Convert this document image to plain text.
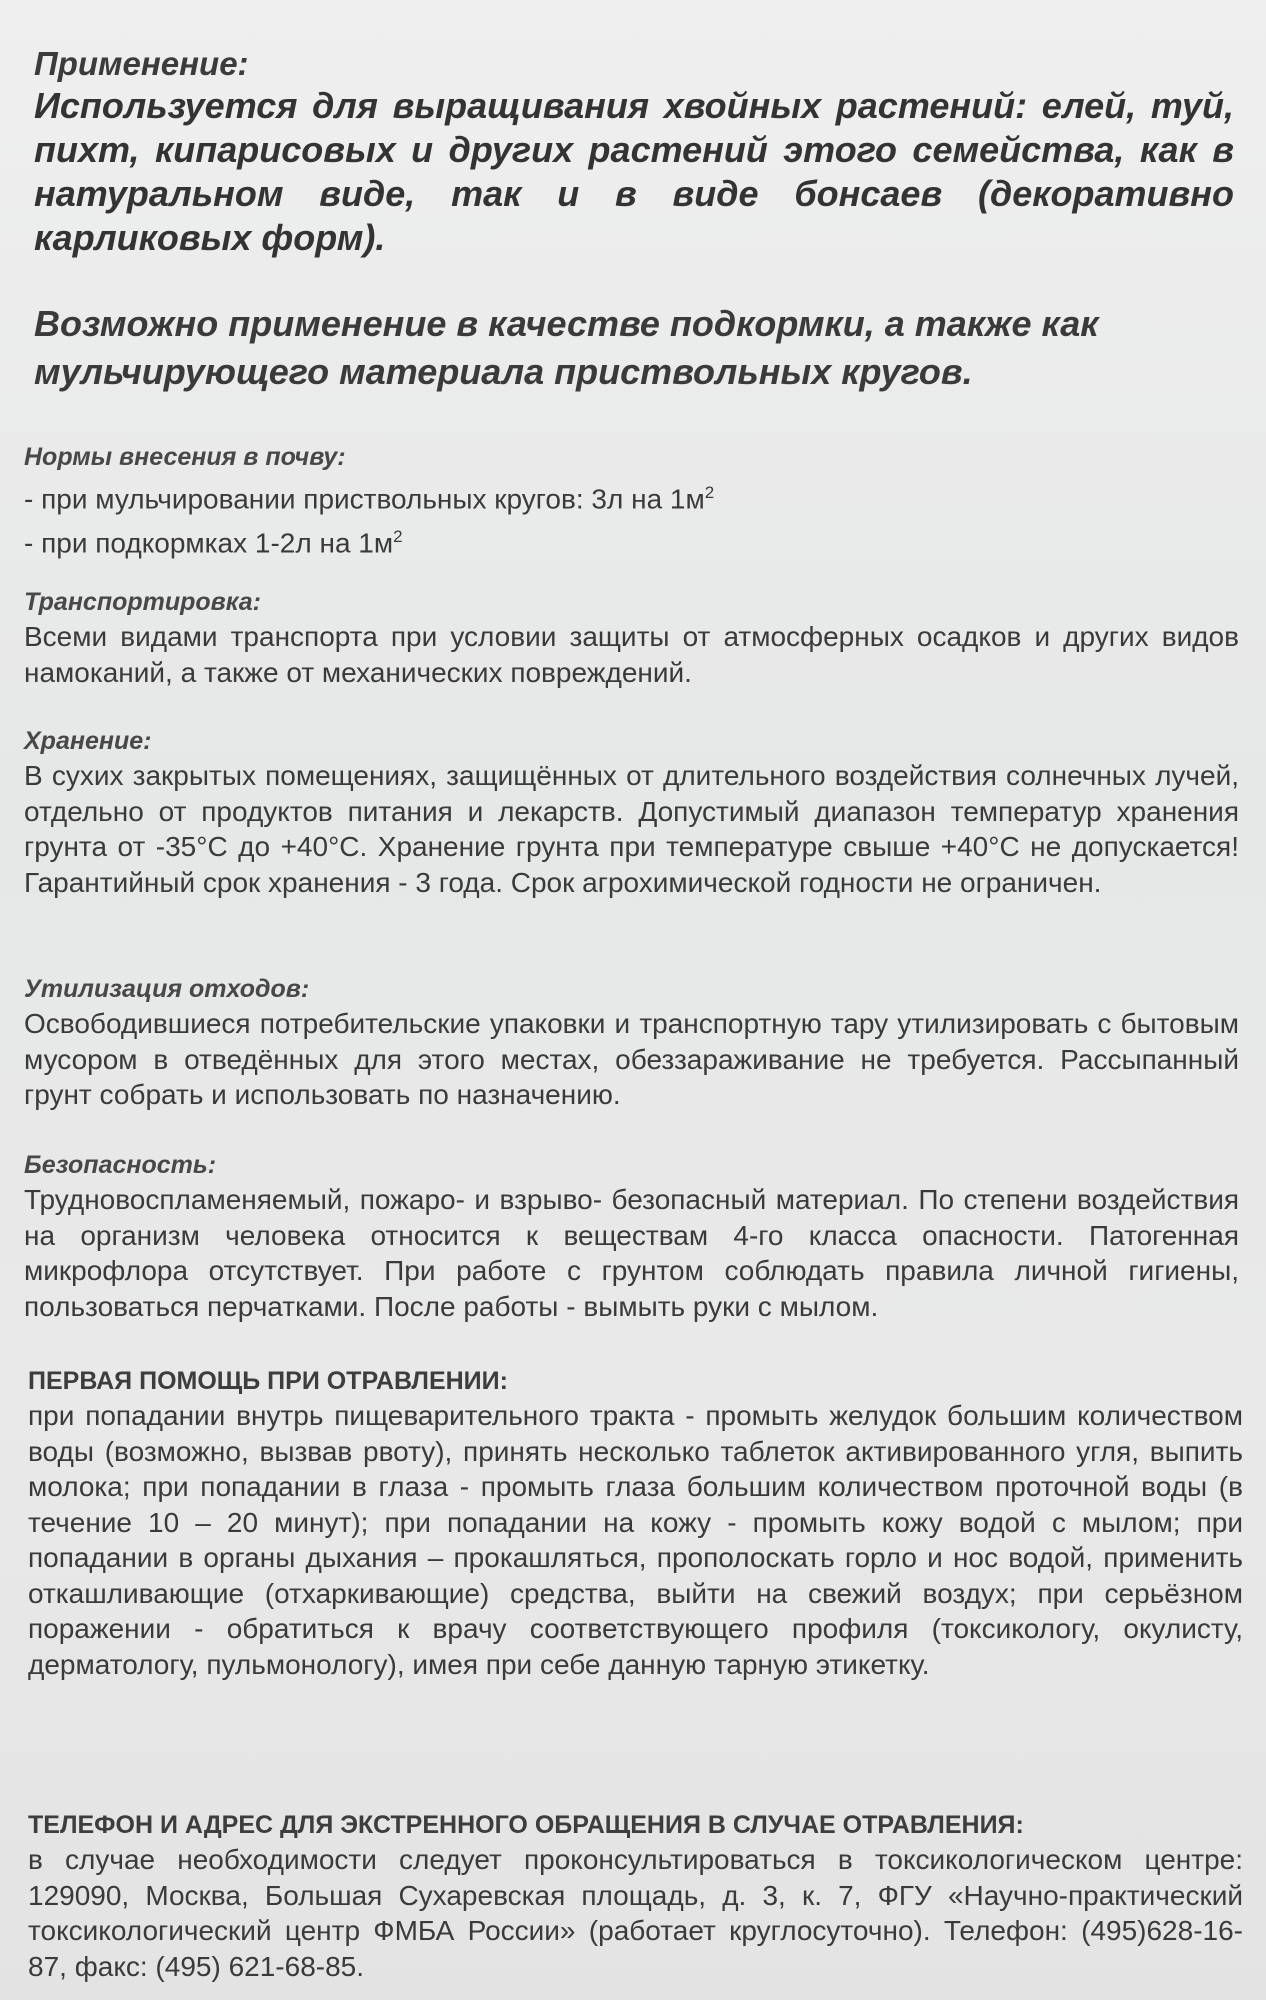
Применение:

Используется для выращивания хвойных растений: елей, туй, пихт, кипарисовых и других растений этого семейства, как в натуральном виде, так и в виде бонсаев (декоративно карликовых форм).

Возможно применение в качестве подкормки, а также как мульчирующего материала приствольных кругов.

Нормы внесения в почву:

- при мульчировании приствольных кругов: 3л на $1м^2$

- при подкормках 1-2л на $1м^2$

Транспортировка:

Всеми видами транспорта при условии защиты от атмосферных осадков и других видов намоканий, а также от механических повреждений.

Хранение:

В сухих закрытых помещениях, защищённых от длительного воздействия солнечных лучей, отдельно от продуктов питания и лекарств. Допустимый диапазон температур хранения грунта от -35°С до +40°С. Хранение грунта при температуре свыше +40°С не допускается! Гарантийный срок хранения - 3 года. Срок агрохимической годности не ограничен.

Утилизация отходов:

Освободившиеся потребительские упаковки и транспортную тару утилизировать с бытовым мусором в отведённых для этого местах, обеззараживание не требуется. Рассыпанный грунт собрать и использовать по назначению.

Безопасность:

Трудновоспламеняемый, пожаро- и взрыво- безопасный материал. По степени воздействия на организм человека относится к веществам 4-го класса опасности. Патогенная микрофлора отсутствует. При работе с грунтом соблюдать правила личной гигиены, пользоваться перчатками. После работы - вымыть руки с мылом.

ПЕРВАЯ ПОМОЩЬ ПРИ ОТРАВЛЕНИИ:

при попадании внутрь пищеварительного тракта - промыть желудок большим количеством воды (возможно, вызвав рвоту), принять несколько таблеток активированного угля, выпить молока; при попадании в глаза - промыть глаза большим количеством проточной воды (в течение 10 – 20 минут); при попадании на кожу - промыть кожу водой с мылом; при попадании в органы дыхания – прокашляться, прополоскать горло и нос водой, применить откашливающие (отхаркивающие) средства, выйти на свежий воздух; при серьёзном поражении - обратиться к врачу соответствующего профиля (токсикологу, окулисту, дерматологу, пульмонологу), имея при себе данную тарную этикетку.

ТЕЛЕФОН И АДРЕС ДЛЯ ЭКСТРЕННОГО ОБРАЩЕНИЯ В СЛУЧАЕ ОТРАВЛЕНИЯ:

в случае необходимости следует проконсультироваться в токсикологическом центре: 129090, Москва, Большая Сухаревская площадь, д. 3, к. 7, ФГУ «Научно-практический токсикологический центр ФМБА России» (работает круглосуточно). Телефон: (495)628-16-87, факс: (495) 621-68-85.
